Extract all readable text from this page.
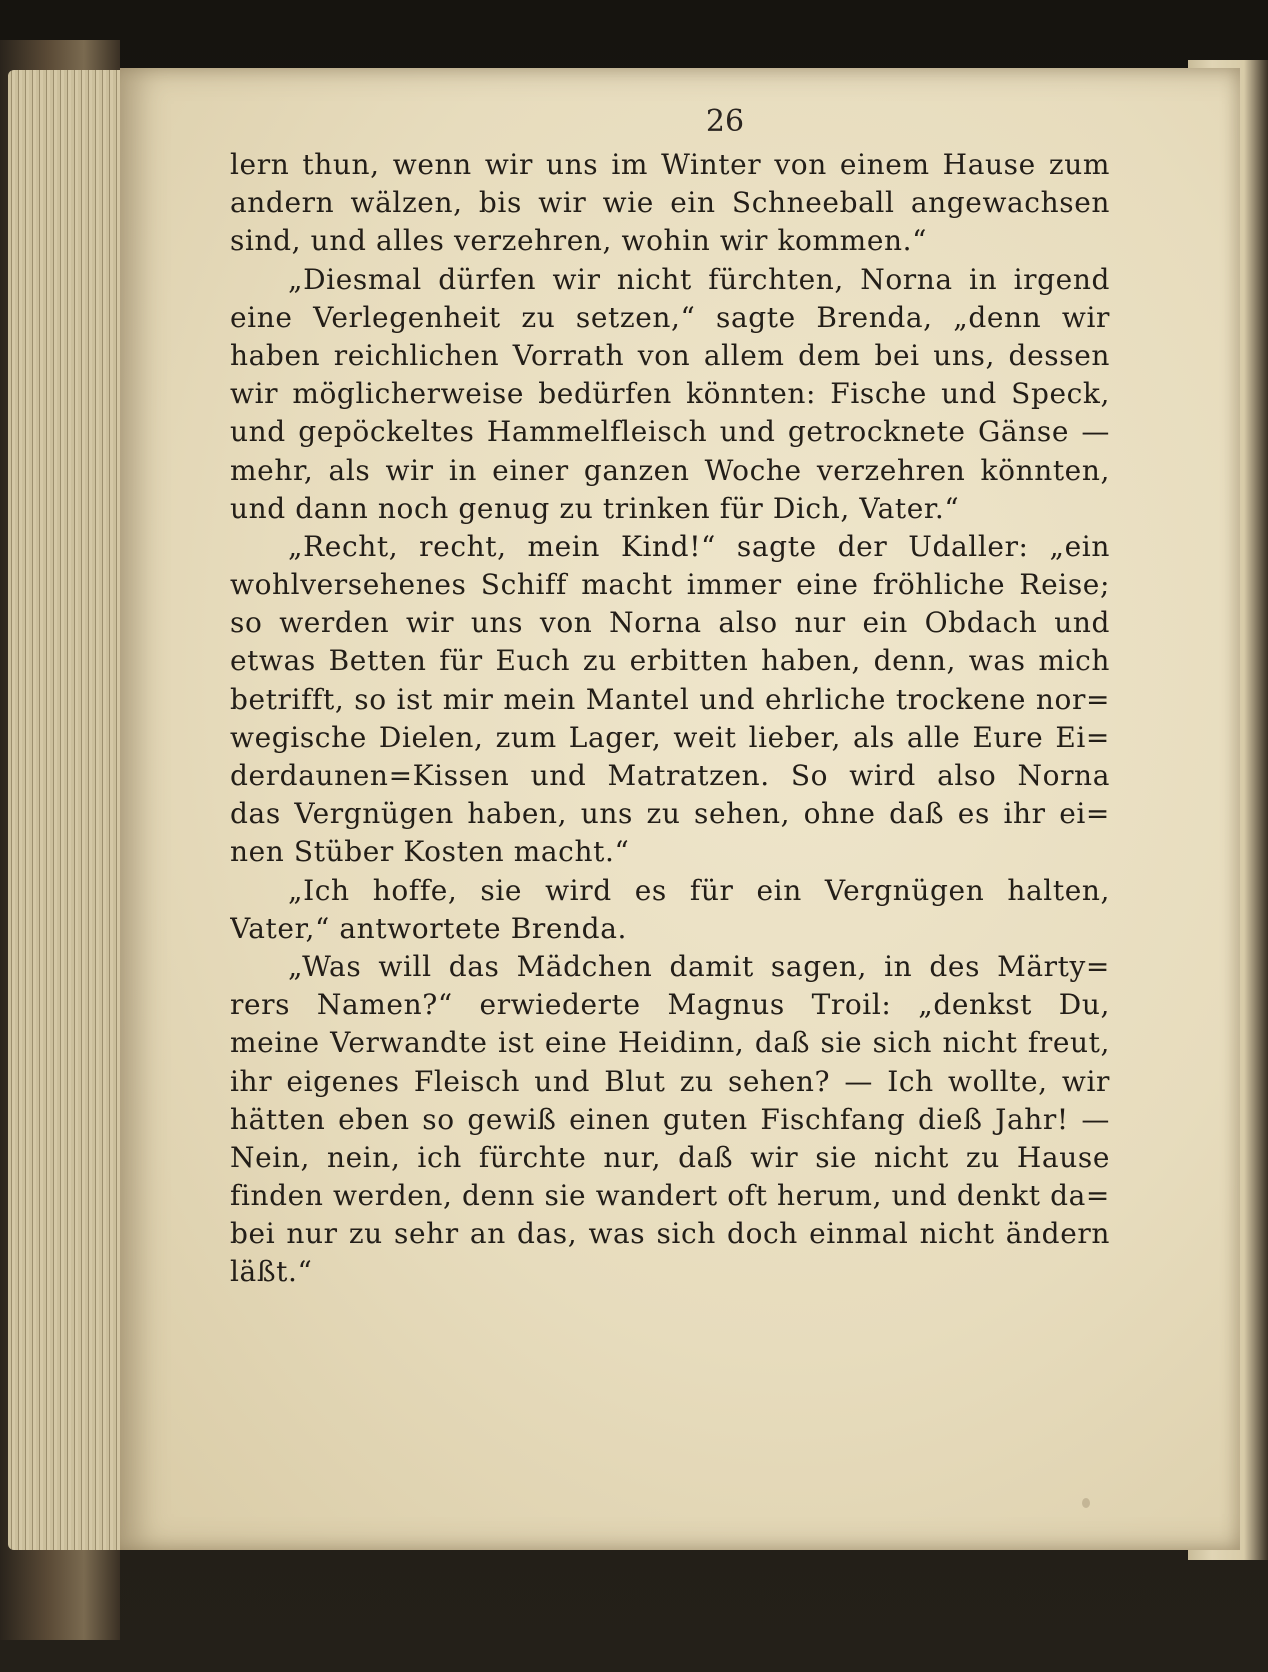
26
lern thun, wenn wir uns im Winter von einem Hause zum
andern wälzen, bis wir wie ein Schneeball angewachsen
sind, und alles verzehren, wohin wir kommen.“
„Diesmal dürfen wir nicht fürchten, Norna in irgend
eine Verlegenheit zu setzen,“ sagte Brenda, „denn wir
haben reichlichen Vorrath von allem dem bei uns, dessen
wir möglicherweise bedürfen könnten: Fische und Speck,
und gepöckeltes Hammelfleisch und getrocknete Gänse —
mehr, als wir in einer ganzen Woche verzehren könnten,
und dann noch genug zu trinken für Dich, Vater.“
„Recht, recht, mein Kind!“ sagte der Udaller: „ein
wohlversehenes Schiff macht immer eine fröhliche Reise;
so werden wir uns von Norna also nur ein Obdach und
etwas Betten für Euch zu erbitten haben, denn, was mich
betrifft, so ist mir mein Mantel und ehrliche trockene nor=
wegische Dielen, zum Lager, weit lieber, als alle Eure Ei=
derdaunen=Kissen und Matratzen. So wird also Norna
das Vergnügen haben, uns zu sehen, ohne daß es ihr ei=
nen Stüber Kosten macht.“
„Ich hoffe, sie wird es für ein Vergnügen halten,
Vater,“ antwortete Brenda.
„Was will das Mädchen damit sagen, in des Märty=
rers Namen?“ erwiederte Magnus Troil: „denkst Du,
meine Verwandte ist eine Heidinn, daß sie sich nicht freut,
ihr eigenes Fleisch und Blut zu sehen? — Ich wollte, wir
hätten eben so gewiß einen guten Fischfang dieß Jahr! —
Nein, nein, ich fürchte nur, daß wir sie nicht zu Hause
finden werden, denn sie wandert oft herum, und denkt da=
bei nur zu sehr an das, was sich doch einmal nicht ändern
läßt.“
